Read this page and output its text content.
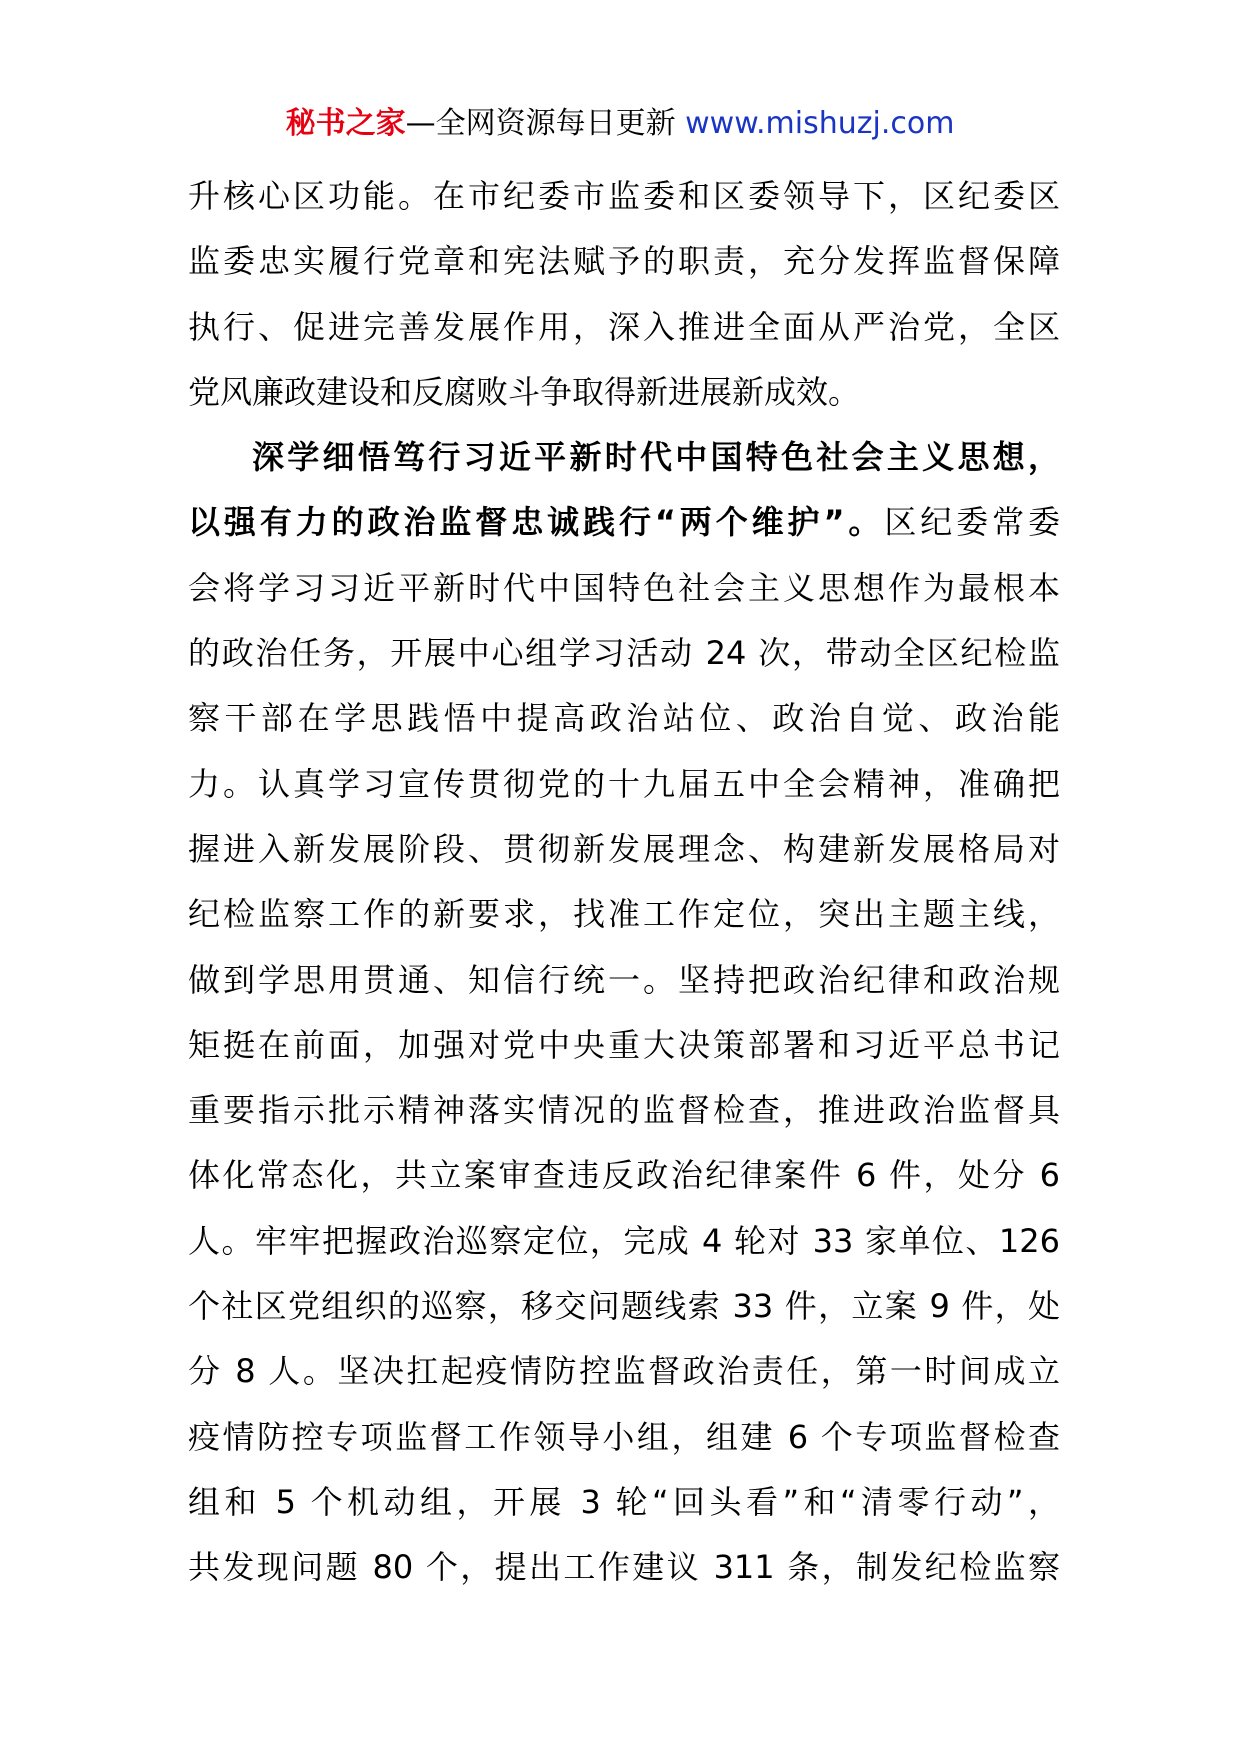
秘书之家—全网资源每日更新 www.mishuzj.com
升核心区功能。在市纪委市监委和区委领导下，区纪委区
监委忠实履行党章和宪法赋予的职责，充分发挥监督保障
执行、促进完善发展作用，深入推进全面从严治党，全区
党风廉政建设和反腐败斗争取得新进展新成效。
深学细悟笃行习近平新时代中国特色社会主义思想，
以强有力的政治监督忠诚践行“两个维护”。区纪委常委
会将学习习近平新时代中国特色社会主义思想作为最根本
的政治任务，开展中心组学习活动 24 次，带动全区纪检监
察干部在学思践悟中提高政治站位、政治自觉、政治能
力。认真学习宣传贯彻党的十九届五中全会精神，准确把
握进入新发展阶段、贯彻新发展理念、构建新发展格局对
纪检监察工作的新要求，找准工作定位，突出主题主线，
做到学思用贯通、知信行统一。坚持把政治纪律和政治规
矩挺在前面，加强对党中央重大决策部署和习近平总书记
重要指示批示精神落实情况的监督检查，推进政治监督具
体化常态化，共立案审查违反政治纪律案件 6 件，处分 6
人。牢牢把握政治巡察定位，完成 4 轮对 33 家单位、126
个社区党组织的巡察，移交问题线索 33 件，立案 9 件，处
分 8 人。坚决扛起疫情防控监督政治责任，第一时间成立
疫情防控专项监督工作领导小组，组建 6 个专项监督检查
组和 5 个机动组，开展 3 轮“回头看”和“清零行动”，
共发现问题 80 个，提出工作建议 311 条，制发纪检监察
